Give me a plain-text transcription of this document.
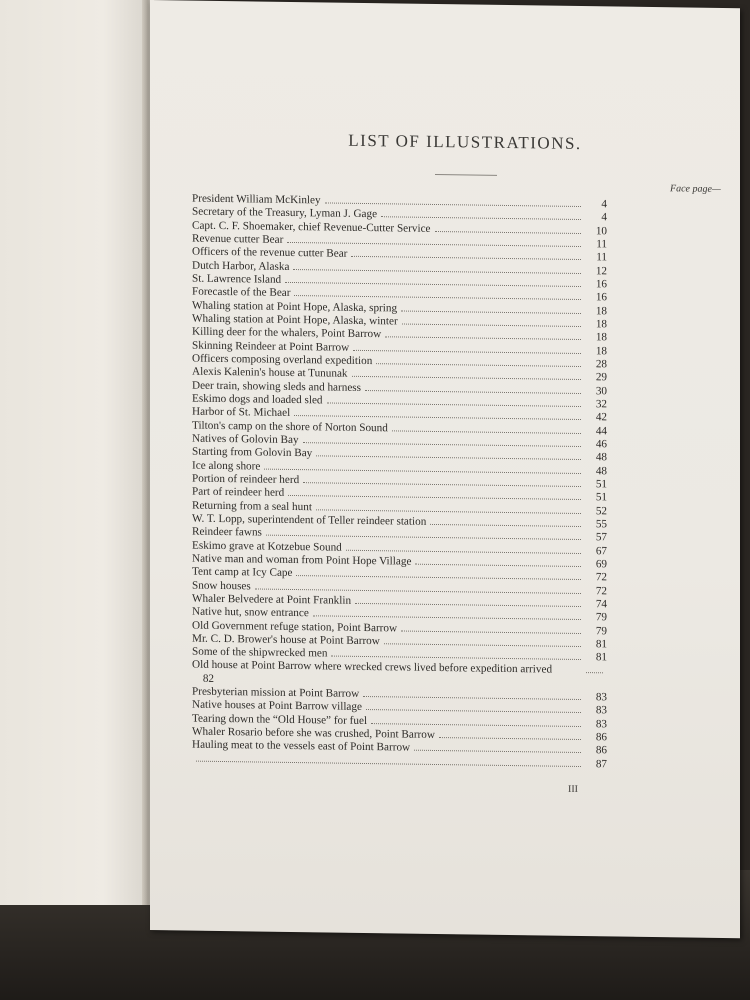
LIST OF ILLUSTRATIONS.
Face page—
President William McKinley	4
Secretary of the Treasury, Lyman J. Gage	4
Capt. C. F. Shoemaker, chief Revenue-Cutter Service	10
Revenue cutter Bear	11
Officers of the revenue cutter Bear	11
Dutch Harbor, Alaska	12
St. Lawrence Island	16
Forecastle of the Bear	16
Whaling station at Point Hope, Alaska, spring	18
Whaling station at Point Hope, Alaska, winter	18
Killing deer for the whalers, Point Barrow	18
Skinning Reindeer at Point Barrow	18
Officers composing overland expedition	28
Alexis Kalenin's house at Tununak	29
Deer train, showing sleds and harness	30
Eskimo dogs and loaded sled	32
Harbor of St. Michael	42
Tilton's camp on the shore of Norton Sound	44
Natives of Golovin Bay	46
Starting from Golovin Bay	48
Ice along shore	48
Portion of reindeer herd	51
Part of reindeer herd	51
Returning from a seal hunt	52
W. T. Lopp, superintendent of Teller reindeer station	55
Reindeer fawns	57
Eskimo grave at Kotzebue Sound	67
Native man and woman from Point Hope Village	69
Tent camp at Icy Cape	72
Snow houses	72
Whaler Belvedere at Point Franklin	74
Native hut, snow entrance	79
Old Government refuge station, Point Barrow	79
Mr. C. D. Brower's house at Point Barrow	81
Some of the shipwrecked men	81
Old house at Point Barrow where wrecked crews lived before expedition arrived
82
Presbyterian mission at Point Barrow	83
Native houses at Point Barrow village	83
Tearing down the “Old House” for fuel	83
Whaler Rosario before she was crushed, Point Barrow	86
Hauling meat to the vessels east of Point Barrow	86
87
III
